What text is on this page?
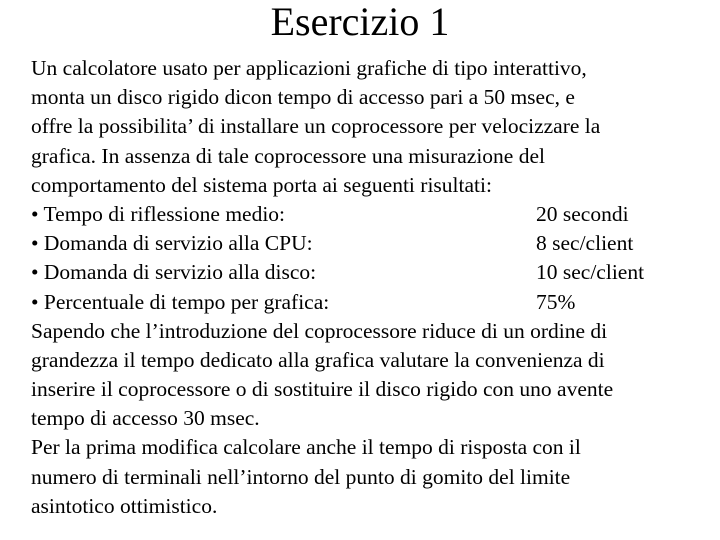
Esercizio 1
Un calcolatore usato per applicazioni grafiche di tipo interattivo,
monta un disco rigido dicon tempo di accesso pari a 50 msec, e
offre la possibilita’ di installare un coprocessore per velocizzare la
grafica. In assenza di tale coprocessore una misurazione del
comportamento del sistema porta ai seguenti risultati:
• Tempo di riflessione medio:	20 secondi
• Domanda di servizio alla CPU:	8 sec/client
• Domanda di servizio alla disco:	10 sec/client
• Percentuale di tempo per grafica:	75%
Sapendo che l’introduzione del coprocessore riduce di un ordine di
grandezza il tempo dedicato alla grafica valutare la convenienza di
inserire il coprocessore o di sostituire il disco rigido con uno avente
tempo di accesso 30 msec.
Per la prima modifica calcolare anche il tempo di risposta con il
numero di terminali nell’intorno del punto di gomito del limite
asintotico ottimistico.
